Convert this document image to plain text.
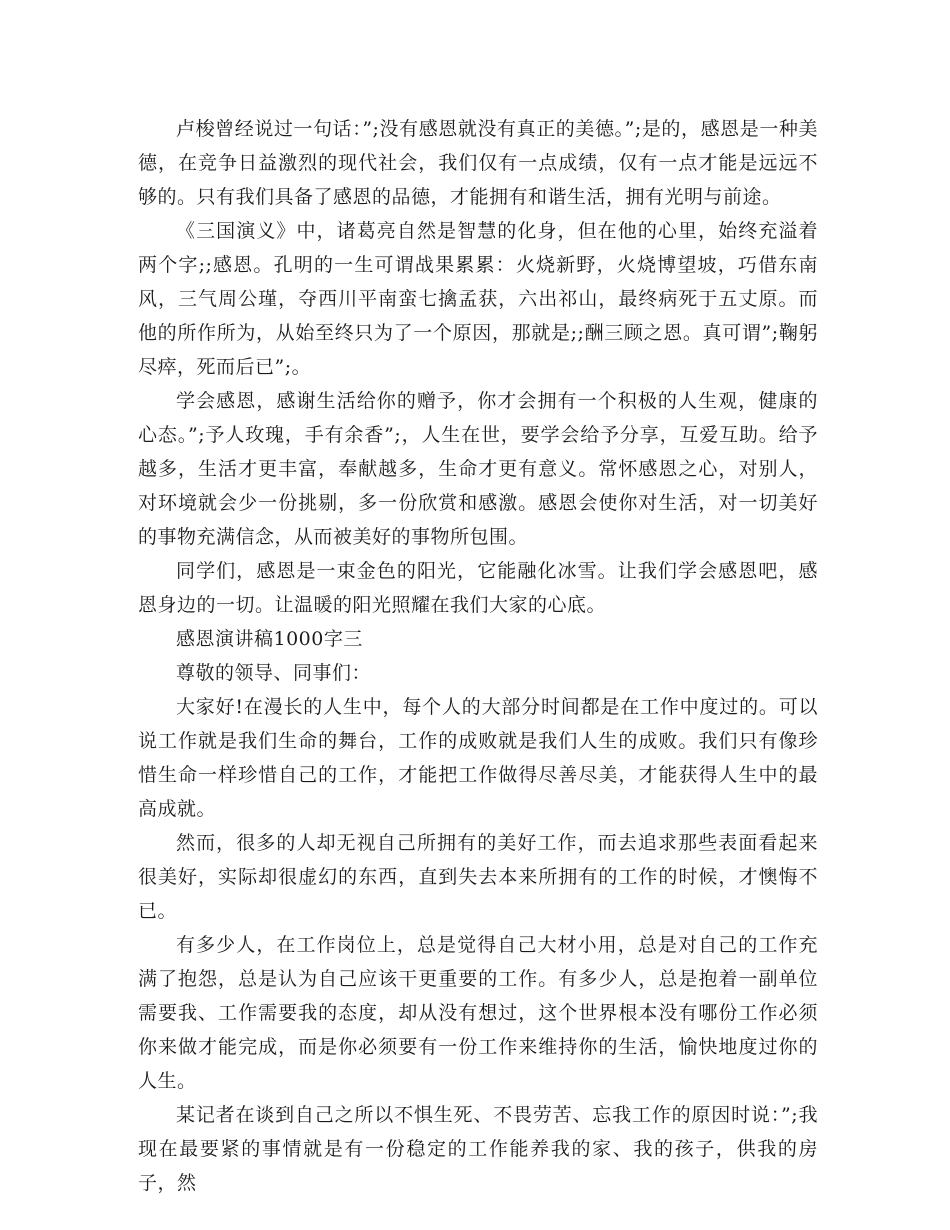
卢梭曾经说过一句话：”;没有感恩就没有真正的美德。”;是的，感恩是一种美德，在竞争日益激烈的现代社会，我们仅有一点成绩，仅有一点才能是远远不够的。只有我们具备了感恩的品德，才能拥有和谐生活，拥有光明与前途。

《三国演义》中，诸葛亮自然是智慧的化身，但在他的心里，始终充溢着两个字;;感恩。孔明的一生可谓战果累累：火烧新野，火烧博望坡，巧借东南风，三气周公瑾，夺西川平南蛮七擒孟获，六出祁山，最终病死于五丈原。而他的所作所为，从始至终只为了一个原因，那就是;;酬三顾之恩。真可谓”;鞠躬尽瘁，死而后已”;。

学会感恩，感谢生活给你的赠予，你才会拥有一个积极的人生观，健康的心态。”;予人玫瑰，手有余香”;，人生在世，要学会给予分享，互爱互助。给予越多，生活才更丰富，奉献越多，生命才更有意义。常怀感恩之心，对别人，对环境就会少一份挑剔，多一份欣赏和感激。感恩会使你对生活，对一切美好的事物充满信念，从而被美好的事物所包围。

同学们，感恩是一束金色的阳光，它能融化冰雪。让我们学会感恩吧，感恩身边的一切。让温暖的阳光照耀在我们大家的心底。

感恩演讲稿1000字三

尊敬的领导、同事们：

大家好!在漫长的人生中，每个人的大部分时间都是在工作中度过的。可以说工作就是我们生命的舞台，工作的成败就是我们人生的成败。我们只有像珍惜生命一样珍惜自己的工作，才能把工作做得尽善尽美，才能获得人生中的最高成就。

然而，很多的人却无视自己所拥有的美好工作，而去追求那些表面看起来很美好，实际却很虚幻的东西，直到失去本来所拥有的工作的时候，才懊悔不已。

有多少人，在工作岗位上，总是觉得自己大材小用，总是对自己的工作充满了抱怨，总是认为自己应该干更重要的工作。有多少人，总是抱着一副单位需要我、工作需要我的态度，却从没有想过，这个世界根本没有哪份工作必须你来做才能完成，而是你必须要有一份工作来维持你的生活，愉快地度过你的人生。

某记者在谈到自己之所以不惧生死、不畏劳苦、忘我工作的原因时说：”;我现在最要紧的事情就是有一份稳定的工作能养我的家、我的孩子，供我的房子，然
